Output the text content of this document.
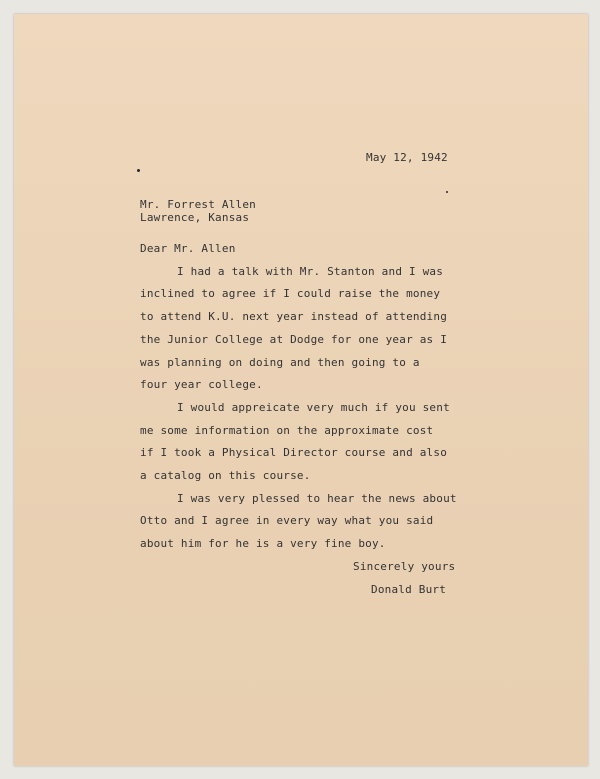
May 12, 1942
Mr. Forrest Allen
Lawrence, Kansas
Dear Mr. Allen
I had a talk with Mr. Stanton and I was
inclined to agree if I could raise the money
to attend K.U. next year instead of attending
the Junior College at Dodge for one year as I
was planning on doing and then going to a
four year college.
I would appreicate very much if you sent
me some information on the approximate cost
if I took a Physical Director course and also
a catalog on this course.
I was very plessed to hear the news about
Otto and I agree in every way what you said
about him for he is a very fine boy.
Sincerely yours
Donald Burt
